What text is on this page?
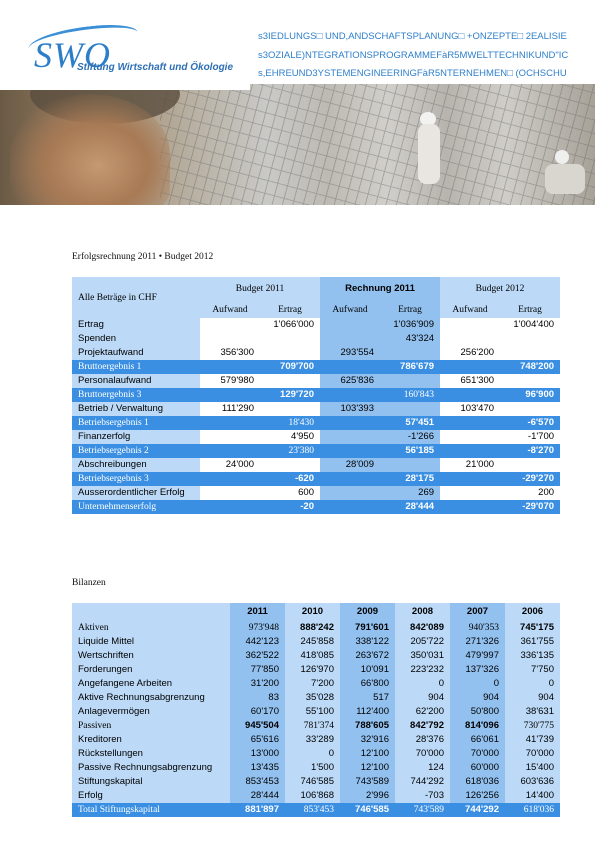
SWO
Stiftung Wirtschaft und Ökologie
s3IEDLUNGS□ UND,ANDSCHAFTSPLANUNG□ +ONZEPTE□ 2EALISIE
s3OZIALE)NTEGRATIONSPROGRAMMEFàR5MWELTTECHNIKUND"IC
s,EHREUND3YSTEMENGINEERINGFàR5NTERNEHMEN□ (OCHSCHU
Erfolgsrechnung 2011 • Budget 2012
Alle Beträge in CHF	Budget 2011		Rechnung 2011		Budget 2012	
	Aufwand	Ertrag	Aufwand	Ertrag	Aufwand	Ertrag
Ertrag		1'066'000		1'036'909		1'004'400
Spenden				43'324		
Projektaufwand	356'300		293'554		256'200	
Bruttoergebnis 1		709'700		786'679		748'200
Personalaufwand	579'980		625'836		651'300	
Bruttoergebnis 3		129'720		160'843		96'900
Betrieb / Verwaltung	111'290		103'393		103'470	
Betriebsergebnis 1		18'430		57'451		-6'570
Finanzerfolg		4'950		-1'266		-1'700
Betriebsergebnis 2		23'380		56'185		-8'270
Abschreibungen	24'000		28'009		21'000	
Betriebsergebnis 3		-620		28'175		-29'270
Ausserordentlicher Erfolg		600		269		200
Unternehmenserfolg		-20		28'444		-29'070
Bilanzen
	2011	2010	2009	2008	2007	2006
Aktiven	973'948	888'242	791'601	842'089	940'353	745'175
Liquide Mittel	442'123	245'858	338'122	205'722	271'326	361'755
Wertschriften	362'522	418'085	263'672	350'031	479'997	336'135
Forderungen	77'850	126'970	10'091	223'232	137'326	7'750
Angefangene Arbeiten	31'200	7'200	66'800	0	0	0
Aktive Rechnungsabgrenzung	83	35'028	517	904	904	904
Anlagevermögen	60'170	55'100	112'400	62'200	50'800	38'631
Passiven	945'504	781'374	788'605	842'792	814'096	730'775
Kreditoren	65'616	33'289	32'916	28'376	66'061	41'739
Rückstellungen	13'000	0	12'100	70'000	70'000	70'000
Passive Rechnungsabgrenzung	13'435	1'500	12'100	124	60'000	15'400
Stiftungskapital	853'453	746'585	743'589	744'292	618'036	603'636
Erfolg	28'444	106'868	2'996	-703	126'256	14'400
Total Stiftungskapital	881'897	853'453	746'585	743'589	744'292	618'036
